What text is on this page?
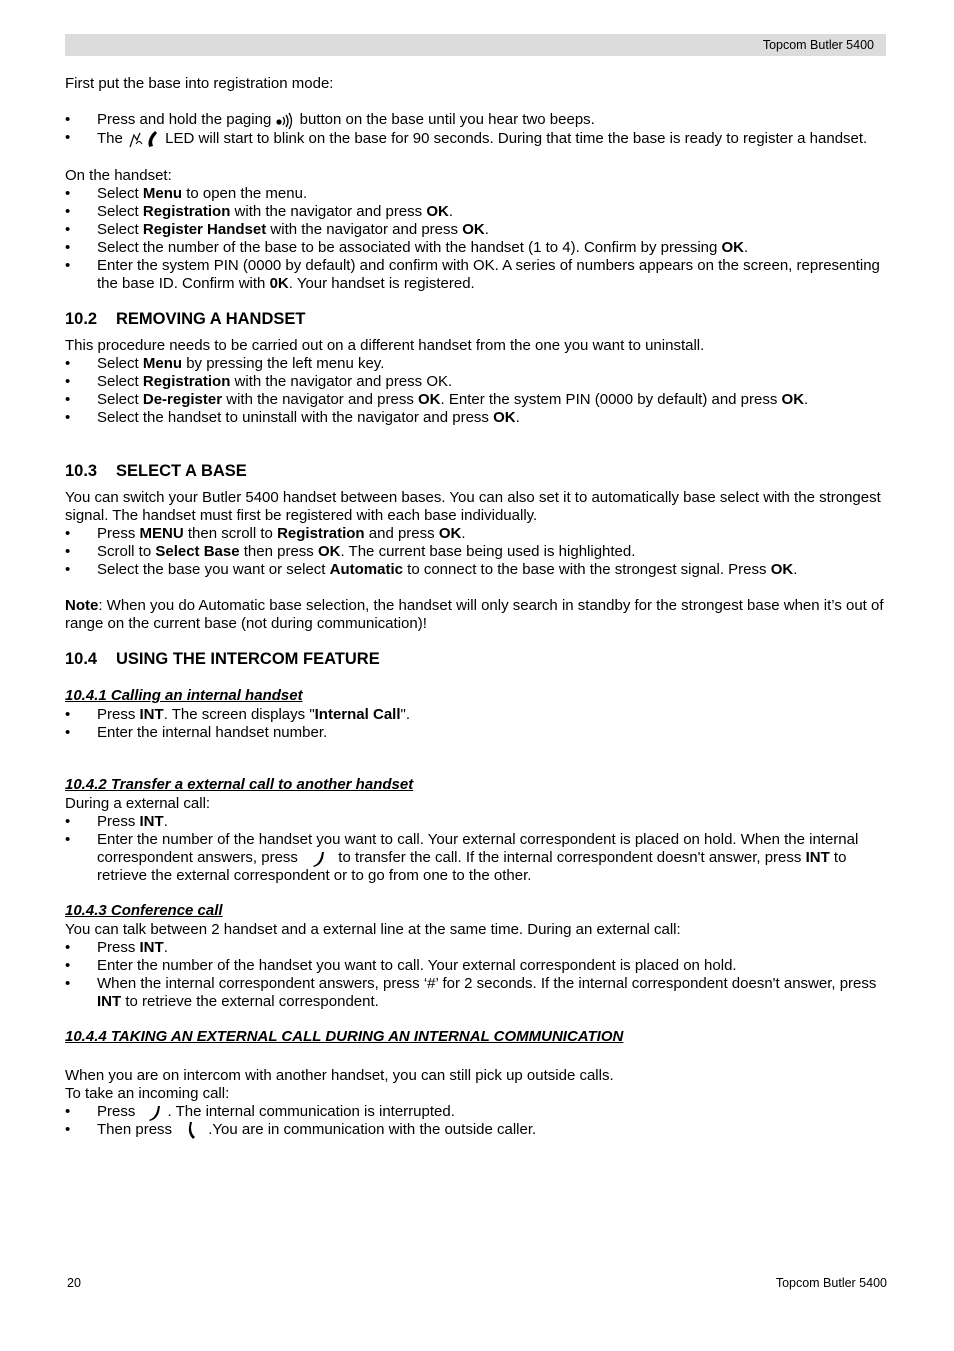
Topcom Butler 5400

First put the base into registration mode:

• Press and hold the paging  button on the base until you hear two beeps.
• The  LED will start to blink on the base for 90 seconds. During that time the base is ready to register a handset.

On the handset:

• Select Menu to open the menu.
• Select Registration with the navigator and press OK.
• Select Register Handset with the navigator and press OK.
• Select the number of the base to be associated with the handset (1 to 4). Confirm by pressing OK.
• Enter the system PIN (0000 by default) and confirm with OK. A series of numbers appears on the screen, representing the base ID. Confirm with 0K. Your handset is registered.
10.2 REMOVING A HANDSET

This procedure needs to be carried out on a different handset from the one you want to uninstall.

• Select Menu by pressing the left menu key.
• Select Registration with the navigator and press OK.
• Select De-register with the navigator and press OK. Enter the system PIN (0000 by default) and press OK.
• Select the handset to uninstall with the navigator and press OK.
10.3 SELECT A BASE

You can switch your Butler 5400 handset between bases. You can also set it to automatically base select with the strongest signal. The handset must first be registered with each base individually.

• Press MENU then scroll to Registration and press OK.
• Scroll to Select Base then press OK. The current base being used is highlighted.
• Select the base you want or select Automatic to connect to the base with the strongest signal. Press OK.

Note: When you do Automatic base selection, the handset will only search in standby for the strongest base when it’s out of range on the current base (not during communication)!

10.4 USING THE INTERCOM FEATURE
10.4.1 Calling an internal handset
• Press INT. The screen displays "Internal Call".
• Enter the internal handset number.
10.4.2 Transfer a external call to another handset

During a external call:

• Press INT.
• Enter the number of the handset you want to call. Your external correspondent is placed on hold. When the internal correspondent answers, press  to transfer the call. If the internal correspondent doesn't answer, press INT to retrieve the external correspondent or to go from one to the other.
10.4.3 Conference call

You can talk between 2 handset and a external line at the same time. During an external call:

• Press INT.
• Enter the number of the handset you want to call. Your external correspondent is placed on hold.
• When the internal correspondent answers, press ‘#’ for 2 seconds. If the internal correspondent doesn't answer, press INT to retrieve the external correspondent.
10.4.4 TAKING AN EXTERNAL CALL DURING AN INTERNAL COMMUNICATION

When you are on intercom with another handset, you can still pick up outside calls.

To take an incoming call:

• Press . The internal communication is interrupted.
• Then press .You are in communication with the outside caller.
20	Topcom Butler 5400
